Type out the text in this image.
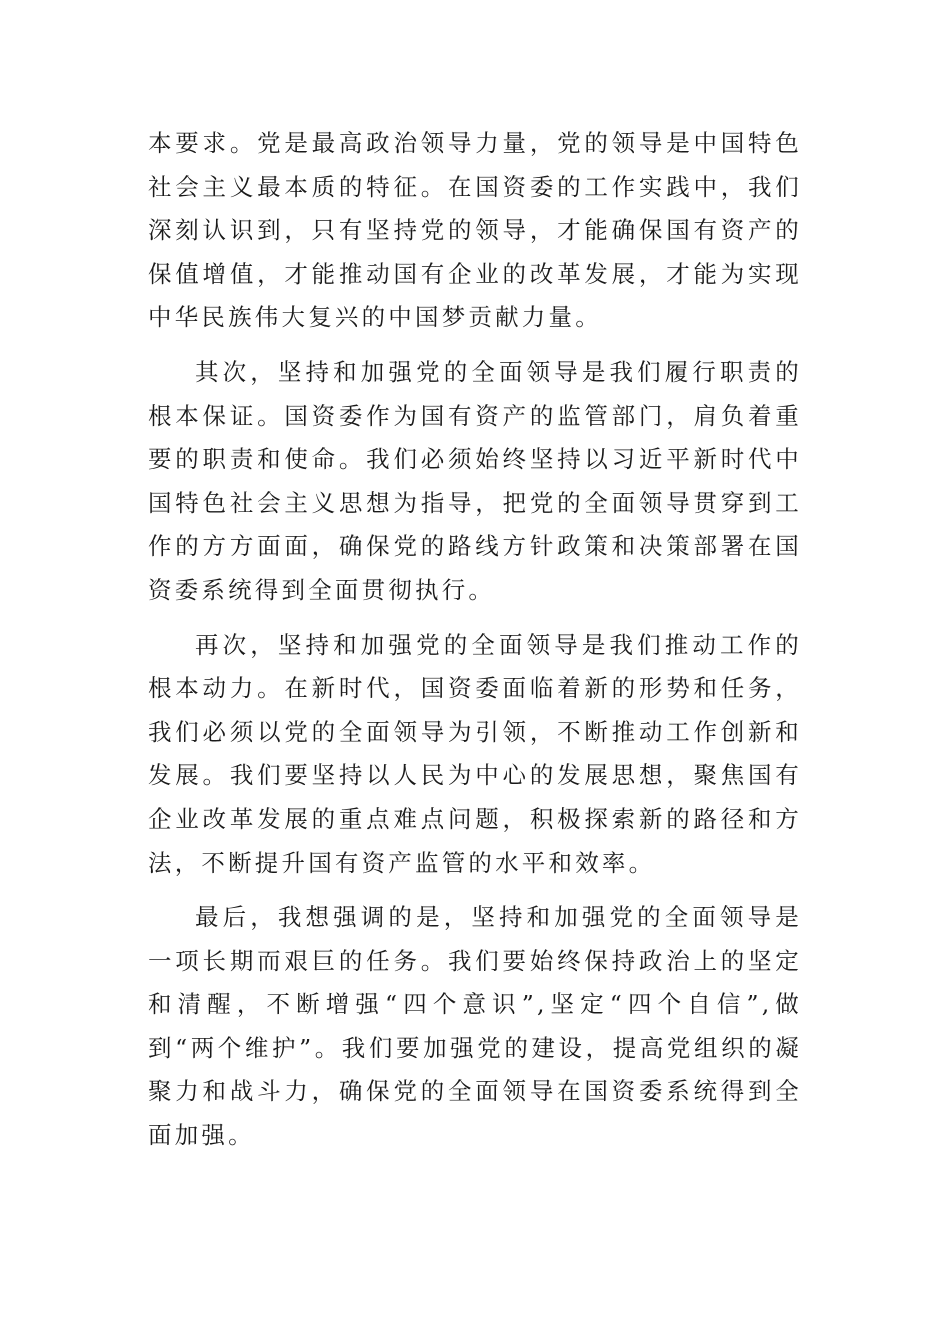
本要求。党是最高政治领导力量，党的领导是中国特色社会主义最本质的特征。在国资委的工作实践中，我们深刻认识到，只有坚持党的领导，才能确保国有资产的保值增值，才能推动国有企业的改革发展，才能为实现中华民族伟大复兴的中国梦贡献力量。

其次，坚持和加强党的全面领导是我们履行职责的根本保证。国资委作为国有资产的监管部门，肩负着重要的职责和使命。我们必须始终坚持以习近平新时代中国特色社会主义思想为指导，把党的全面领导贯穿到工作的方方面面，确保党的路线方针政策和决策部署在国资委系统得到全面贯彻执行。

再次，坚持和加强党的全面领导是我们推动工作的根本动力。在新时代，国资委面临着新的形势和任务，我们必须以党的全面领导为引领，不断推动工作创新和发展。我们要坚持以人民为中心的发展思想，聚焦国有企业改革发展的重点难点问题，积极探索新的路径和方法，不断提升国有资产监管的水平和效率。

最后，我想强调的是，坚持和加强党的全面领导是一项长期而艰巨的任务。我们要始终保持政治上的坚定和清醒，不断增强“四个意识”,坚定“四个自信”,做到“两个维护”。我们要加强党的建设，提高党组织的凝聚力和战斗力，确保党的全面领导在国资委系统得到全面加强。
